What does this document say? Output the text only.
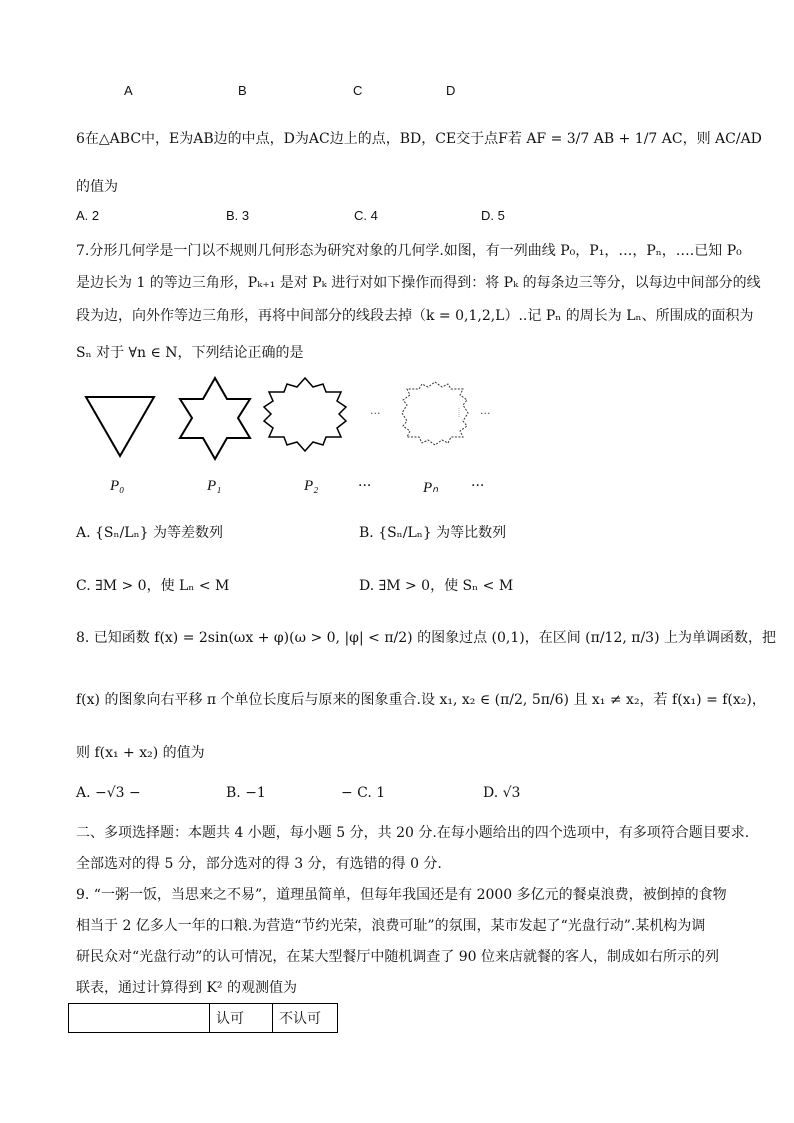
A	B	C	D
6在△ABC中，E为AB边的中点，D为AC边上的点，BD，CE交于点F若 AF = 3/7 AB + 1/7 AC，则 AC/AD
的值为
A. 2	B. 3	C. 4	D. 5
7.分形几何学是一门以不规则几何形态为研究对象的几何学.如图，有一列曲线 P₀，P₁，…，Pₙ，….已知 P₀
是边长为 1 的等边三角形，Pₖ₊₁ 是对 Pₖ 进行对如下操作而得到：将 Pₖ 的每条边三等分，以每边中间部分的线
段为边，向外作等边三角形，再将中间部分的线段去掉（k = 0,1,2,L）..记 Pₙ 的周长为 Lₙ、所围成的面积为
Sₙ 对于 ∀n ∈ N，下列结论正确的是
···	···
P₀	P₁	P₂	···	Pₙ ···
A. {Sₙ/Lₙ} 为等差数列	B. {Sₙ/Lₙ} 为等比数列
C. ∃M > 0，使 Lₙ < M	D. ∃M > 0，使 Sₙ < M
8. 已知函数 f(x) = 2sin(ωx + φ)(ω > 0, |φ| < π/2) 的图象过点 (0,1)，在区间 (π/12, π/3) 上为单调函数，把
f(x) 的图象向右平移 π 个单位长度后与原来的图象重合.设 x₁, x₂ ∈ (π/2, 5π/6) 且 x₁ ≠ x₂，若 f(x₁) = f(x₂)，
则 f(x₁ + x₂) 的值为
A. −√3 −	B. −1	− C. 1	D. √3
二、多项选择题：本题共 4 小题，每小题 5 分，共 20 分.在每小题给出的四个选项中，有多项符合题目要求.
全部选对的得 5 分，部分选对的得 3 分，有选错的得 0 分.
9. “一粥一饭，当思来之不易”，道理虽简单，但每年我国还是有 2000 多亿元的餐桌浪费，被倒掉的食物
相当于 2 亿多人一年的口粮.为营造“节约光荣，浪费可耻”的氛围，某市发起了“光盘行动”.某机构为调
研民众对“光盘行动”的认可情况，在某大型餐厅中随机调查了 90 位来店就餐的客人，制成如右所示的列
联表，通过计算得到 K² 的观测值为
	认可	不认可
